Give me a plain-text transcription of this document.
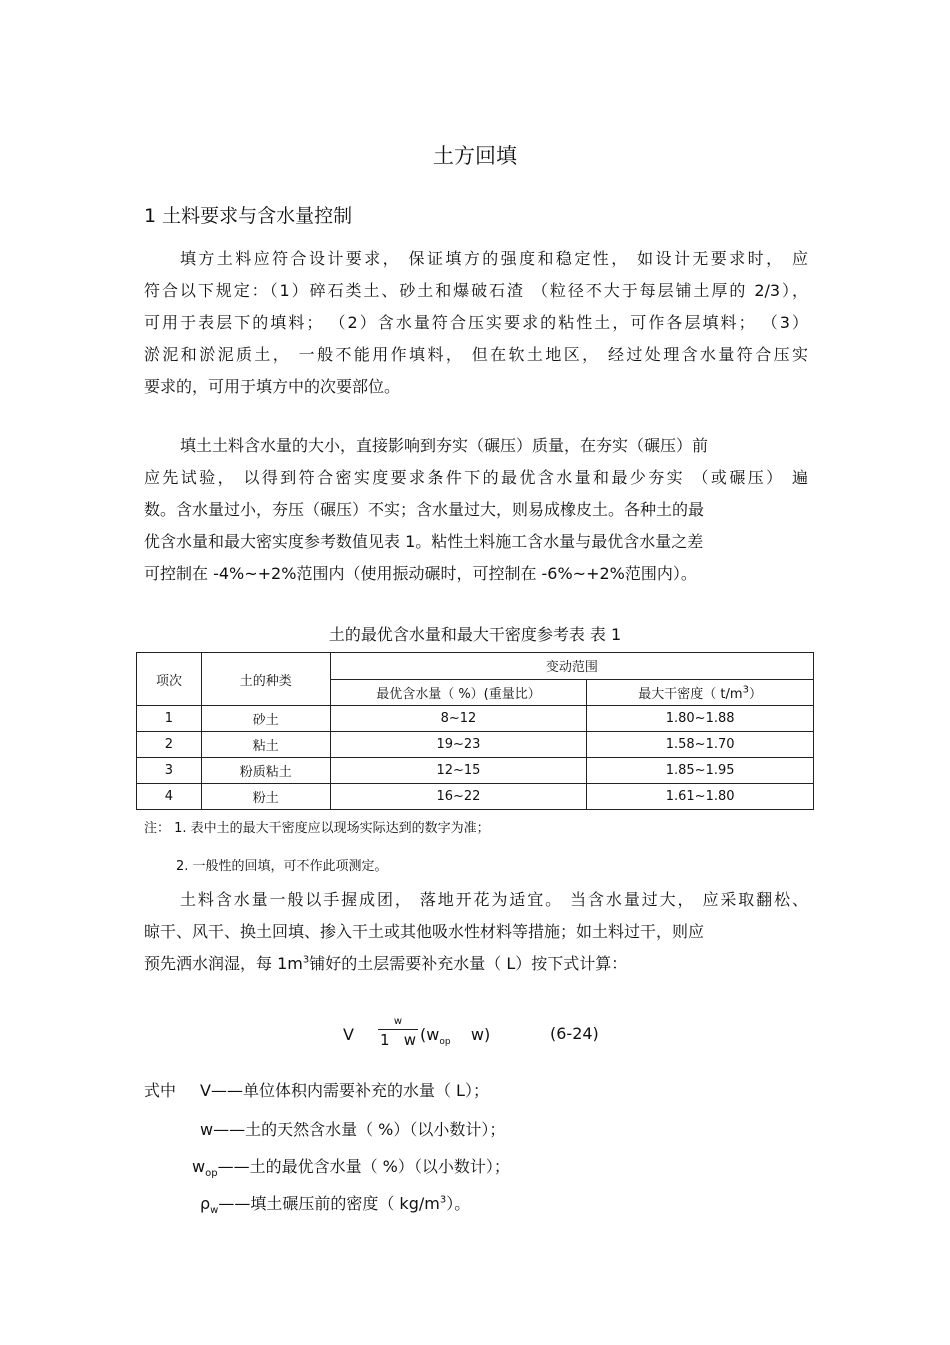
土方回填
1 土料要求与含水量控制
填方土料应符合设计要求， 保证填方的强度和稳定性， 如设计无要求时， 应
符合以下规定：（1）碎石类土、砂土和爆破石渣 （粒径不大于每层铺土厚的 2/3），
可用于表层下的填料； （2）含水量符合压实要求的粘性土，可作各层填料； （3）
淤泥和淤泥质土， 一般不能用作填料， 但在软土地区， 经过处理含水量符合压实
要求的，可用于填方中的次要部位。
填土土料含水量的大小，直接影响到夯实（碾压）质量，在夯实（碾压）前
应先试验， 以得到符合密实度要求条件下的最优含水量和最少夯实 （或碾压） 遍
数。含水量过小，夯压（碾压）不实；含水量过大，则易成橡皮土。各种土的最
优含水量和最大密实度参考数值见表 1。粘性土料施工含水量与最优含水量之差
可控制在 -4%~+2%范围内（使用振动碾时，可控制在 -6%~+2%范围内）。
土的最优含水量和最大干密度参考表 表 1
项次	土的种类	变动范围	
		最优含水量（ %）(重量比）	最大干密度（ $t/m^3$）
1	砂土	8~12	1.80~1.88
2	粘土	19~23	1.58~1.70
3	粉质粘土	12~15	1.85~1.95
4	粉土	16~22	1.61~1.80
注： 1. 表中土的最大干密度应以现场实际达到的数字为准；
2. 一般性的回填，可不作此项测定。
土料含水量一般以手握成团， 落地开花为适宜。 当含水量过大， 应采取翻松、
晾干、风干、换土回填、掺入干土或其他吸水性材料等措施；如土料过干，则应
预先洒水润湿，每 $1m^3$铺好的土层需要补充水量（ L）按下式计算：
V
w
1   w ($w_{op}$    w)	(6-24)
式中 V——单位体积内需要补充的水量（ L）；
w——土的天然含水量（ %）（以小数计）；
$w_{op}——$土的最优含水量（ %）（以小数计）；
$\rho_w——$填土碾压前的密度（ $kg/m^3$）。
